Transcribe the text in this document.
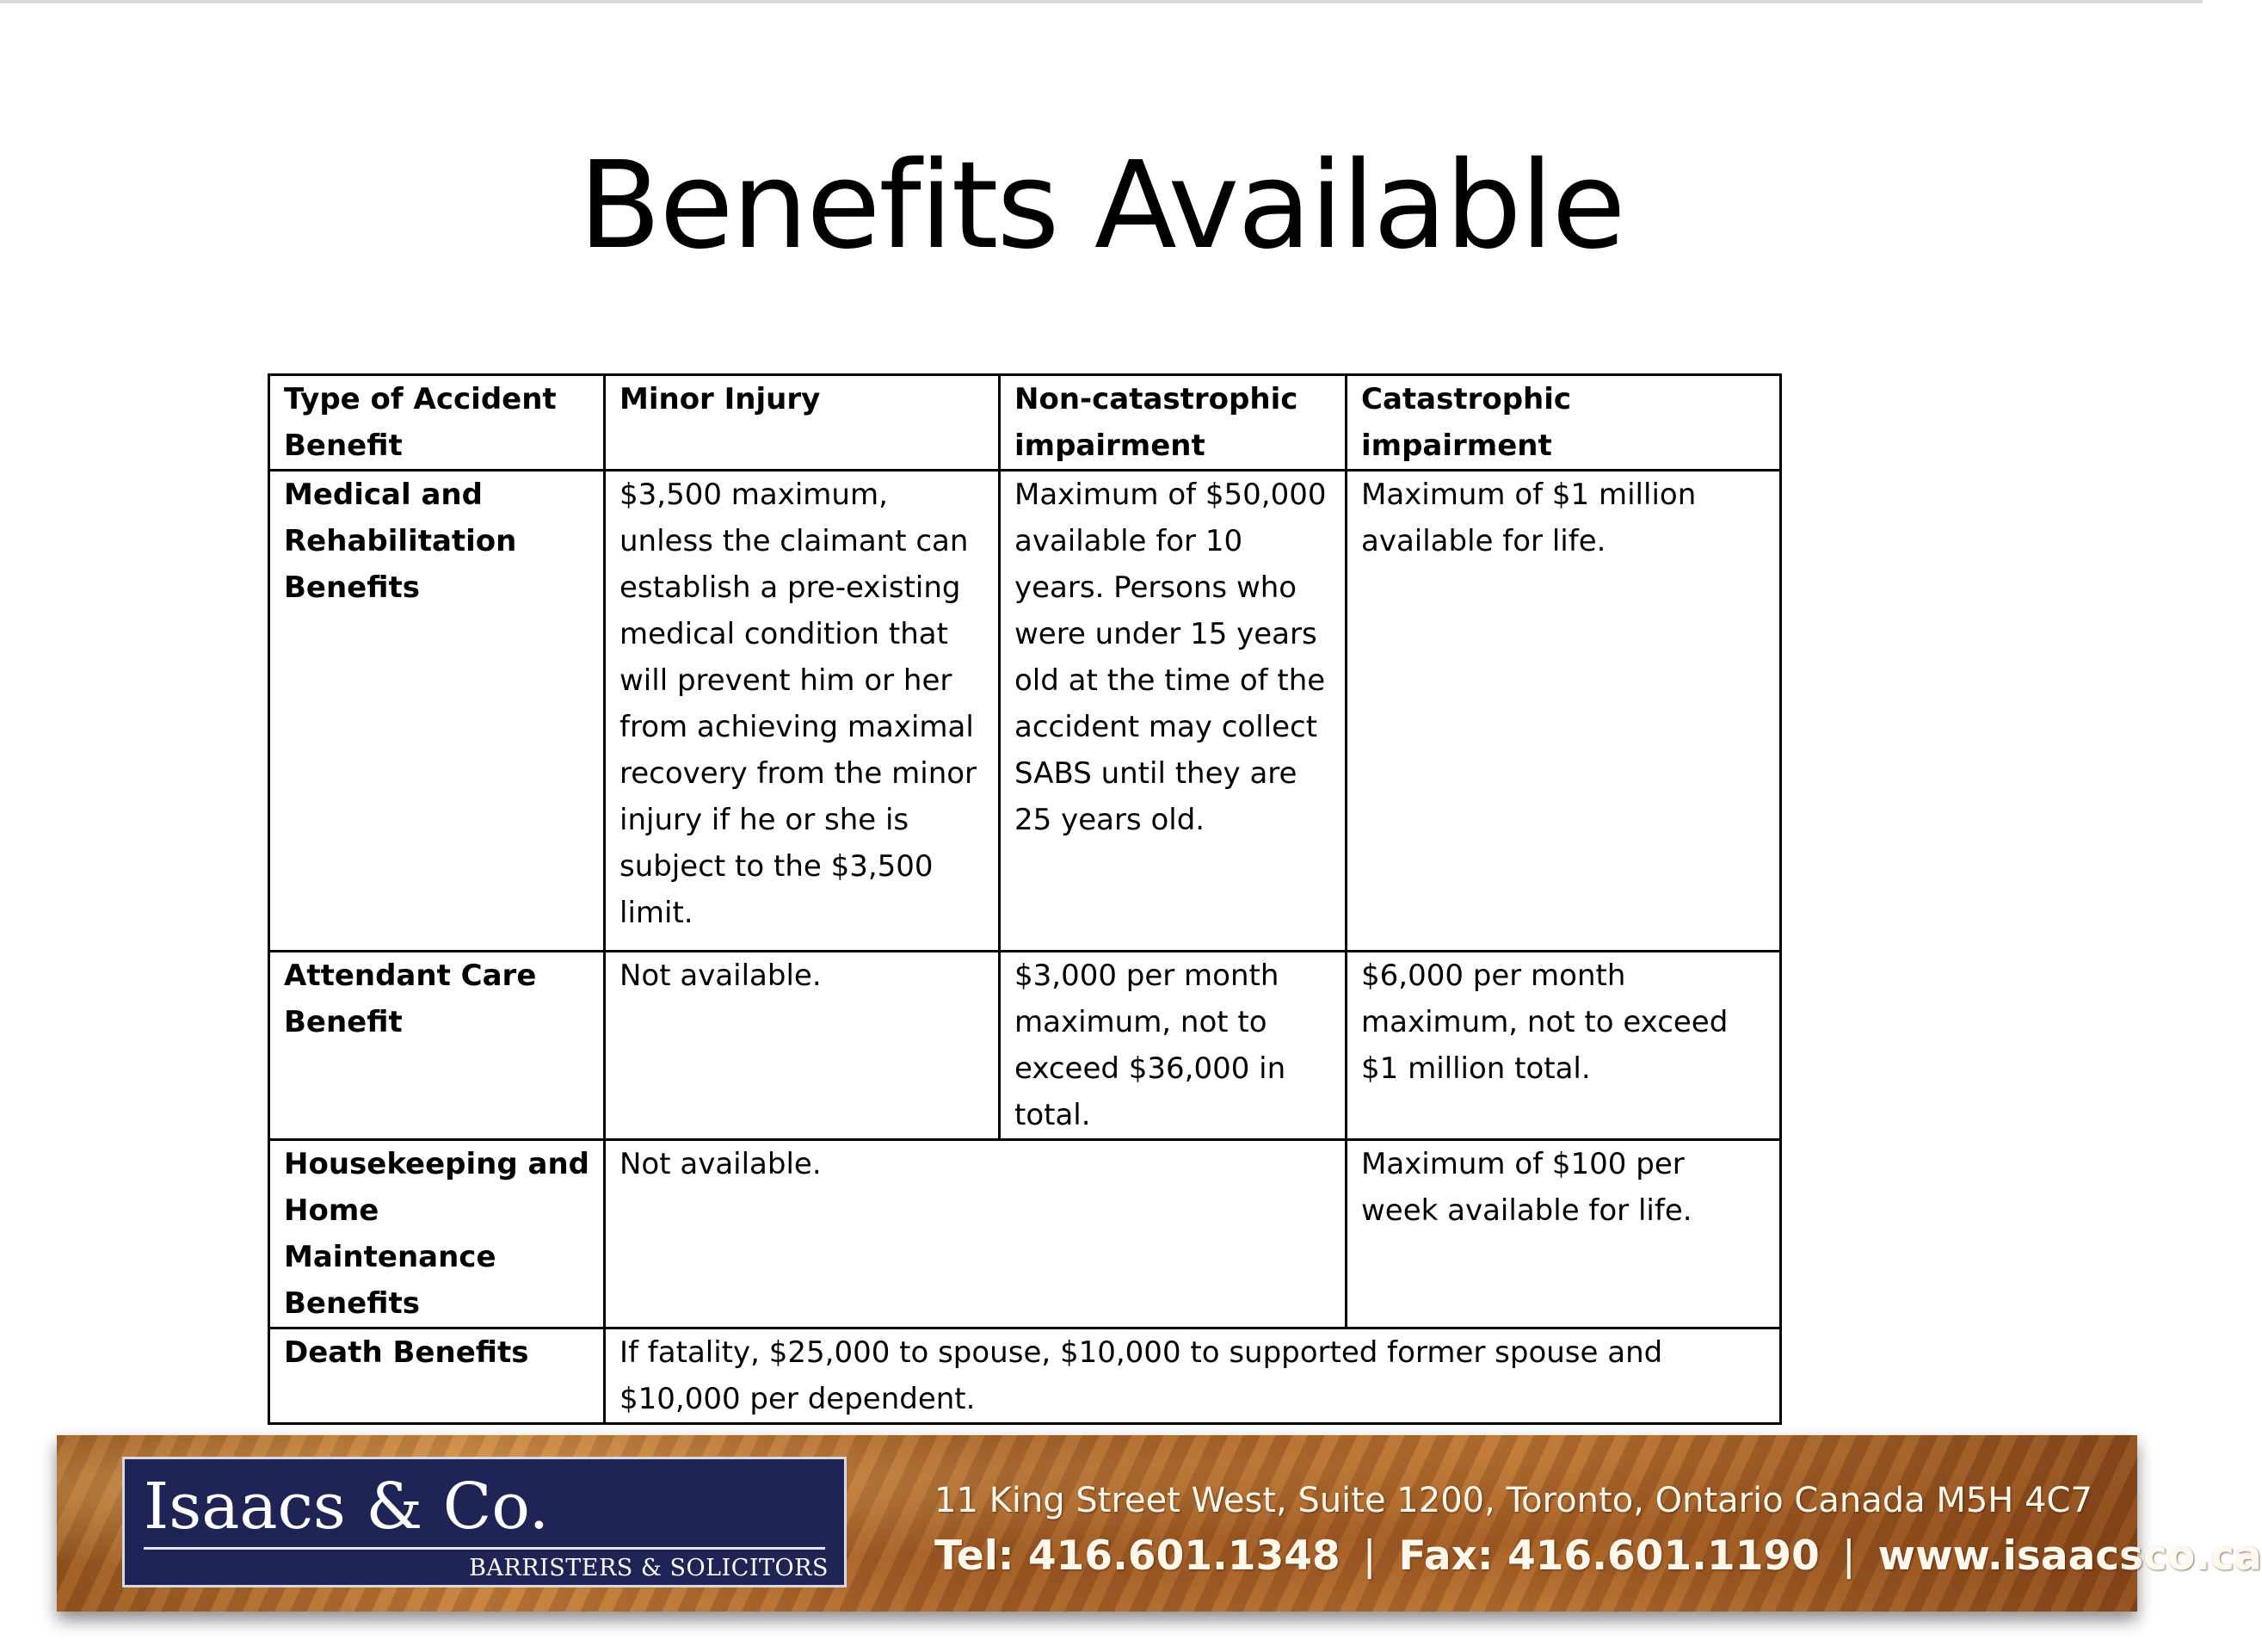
Benefits Available
Type of Accident Benefit	Minor Injury	Non-catastrophic impairment	Catastrophic impairment
Medical and Rehabilitation Benefits	$3,500 maximum, unless the claimant can establish a pre-existing medical condition that will prevent him or her from achieving maximal recovery from the minor injury if he or she is subject to the $3,500 limit.	Maximum of $50,000 available for 10 years. Persons who were under 15 years old at the time of the accident may collect SABS until they are 25 years old.	Maximum of $1 million available for life.
Attendant Care Benefit	Not available.	$3,000 per month maximum, not to exceed $36,000 in total.	$6,000 per month maximum, not to exceed $1 million total.
Housekeeping and Home Maintenance Benefits	Not available.		Maximum of $100 per week available for life.
Death Benefits	If fatality, $25,000 to spouse, $10,000 to supported former spouse and $10,000 per dependent.		
Isaacs & Co.
BARRISTERS & SOLICITORS
11 King Street West, Suite 1200, Toronto, Ontario Canada M5H 4C7
Tel: 416.601.1348 | Fax: 416.601.1190 | www.isaacsco.ca
